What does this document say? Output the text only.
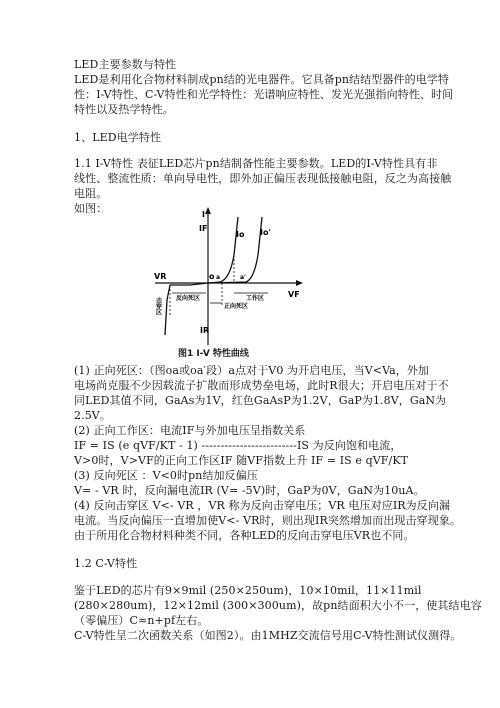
LED主要参数与特性
LED是利用化合物材料制成pn结的光电器件。它具备pn结结型器件的电学特
性：I-V特性、C-V特性和光学特性：光谱响应特性、发光光强指向特性、时间
特性以及热学特性。
1、LED电学特性
1.1 I-V特性 表征LED芯片pn结制备性能主要参数。LED的I-V特性具有非
线性、整流性质：单向导电性，即外加正偏压表现低接触电阻，反之为高接触
电阻。
如图：	I
IF
VR
VF
IR
o a	a'
Io Io'
反向死区	工作区
正向死区
击穿区
图1 I-V 特性曲线
(1) 正向死区：（图oa或oa′段）a点对于V0 为开启电压，当V<Va，外加
电场尚克服不少因载流子扩散而形成势垒电场，此时R很大；开启电压对于不
同LED其值不同，GaAs为1V，红色GaAsP为1.2V，GaP为1.8V，GaN为
2.5V。
(2) 正向工作区：电流IF与外加电压呈指数关系
IF = IS (e qVF/KT - 1) -------------------------IS 为反向饱和电流，
V>0时，V>VF的正向工作区IF 随VF指数上升 IF = IS e qVF/KT
(3) 反向死区 ：V<0时pn结加反偏压
V= - VR 时，反向漏电流IR (V= -5V)时，GaP为0V，GaN为10uA。
(4) 反向击穿区 V<- VR ，VR 称为反向击穿电压；VR 电压对应IR为反向漏
电流。当反向偏压一直增加使V<- VR时，则出现IR突然增加而出现击穿现象。
由于所用化合物材料种类不同，各种LED的反向击穿电压VR也不同。
1.2 C-V特性
鉴于LED的芯片有9×9mil (250×250um)，10×10mil，11×11mil
(280×280um)，12×12mil (300×300um)，故pn结面积大小不一，使其结电容
（零偏压）C≈n+pf左右。
C-V特性呈二次函数关系（如图2）。由1MHZ交流信号用C-V特性测试仪测得。
